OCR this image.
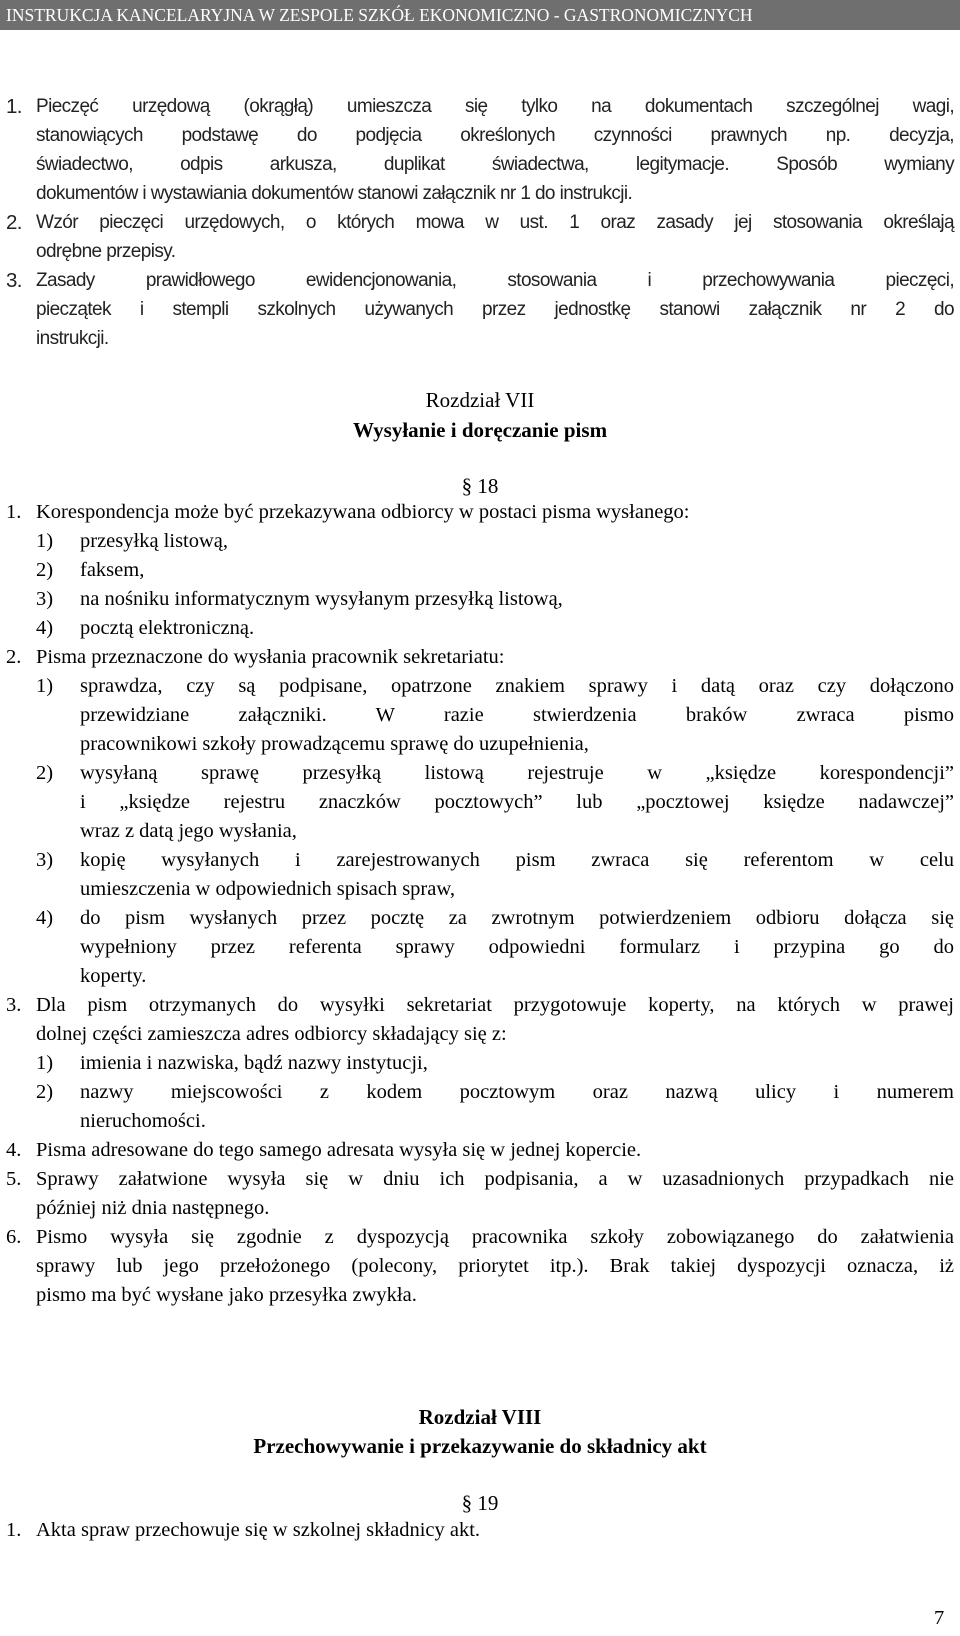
INSTRUKCJA KANCELARYJNA W ZESPOLE SZKÓŁ EKONOMICZNO - GASTRONOMICZNYCH
1. Pieczęć urzędową (okrągłą) umieszcza się tylko na dokumentach szczególnej wagi,
stanowiących podstawę do podjęcia określonych czynności prawnych np. decyzja,
świadectwo, odpis arkusza, duplikat świadectwa, legitymacje. Sposób wymiany
dokumentów i wystawiania dokumentów stanowi załącznik nr 1 do instrukcji.
2. Wzór pieczęci urzędowych, o których mowa w ust. 1 oraz zasady jej stosowania określają
odrębne przepisy.
3. Zasady prawidłowego ewidencjonowania, stosowania i przechowywania pieczęci,
pieczątek i stempli szkolnych używanych przez jednostkę stanowi załącznik nr 2 do
instrukcji.
Rozdział VII
Wysyłanie i doręczanie pism
§ 18
1. Korespondencja może być przekazywana odbiorcy w postaci pisma wysłanego:
1) przesyłką listową,
2) faksem,
3) na nośniku informatycznym wysyłanym przesyłką listową,
4) pocztą elektroniczną.
2. Pisma przeznaczone do wysłania pracownik sekretariatu:
1) sprawdza, czy są podpisane, opatrzone znakiem sprawy i datą oraz czy dołączono
przewidziane załączniki. W razie stwierdzenia braków zwraca pismo
pracownikowi szkoły prowadzącemu sprawę do uzupełnienia,
2) wysyłaną sprawę przesyłką listową rejestruje w „księdze korespondencji”
i „księdze rejestru znaczków pocztowych” lub „pocztowej księdze nadawczej”
wraz z datą jego wysłania,
3) kopię wysyłanych i zarejestrowanych pism zwraca się referentom w celu
umieszczenia w odpowiednich spisach spraw,
4) do pism wysłanych przez pocztę za zwrotnym potwierdzeniem odbioru dołącza się
wypełniony przez referenta sprawy odpowiedni formularz i przypina go do
koperty.
3. Dla pism otrzymanych do wysyłki sekretariat przygotowuje koperty, na których w prawej
dolnej części zamieszcza adres odbiorcy składający się z:
1) imienia i nazwiska, bądź nazwy instytucji,
2) nazwy miejscowości z kodem pocztowym oraz nazwą ulicy i numerem
nieruchomości.
4. Pisma adresowane do tego samego adresata wysyła się w jednej kopercie.
5. Sprawy załatwione wysyła się w dniu ich podpisania, a w uzasadnionych przypadkach nie
później niż dnia następnego.
6. Pismo wysyła się zgodnie z dyspozycją pracownika szkoły zobowiązanego do załatwienia
sprawy lub jego przełożonego (polecony, priorytet itp.). Brak takiej dyspozycji oznacza, iż
pismo ma być wysłane jako przesyłka zwykła.
Rozdział VIII
Przechowywanie i przekazywanie do składnicy akt
§ 19
1. Akta spraw przechowuje się w szkolnej składnicy akt.
7
